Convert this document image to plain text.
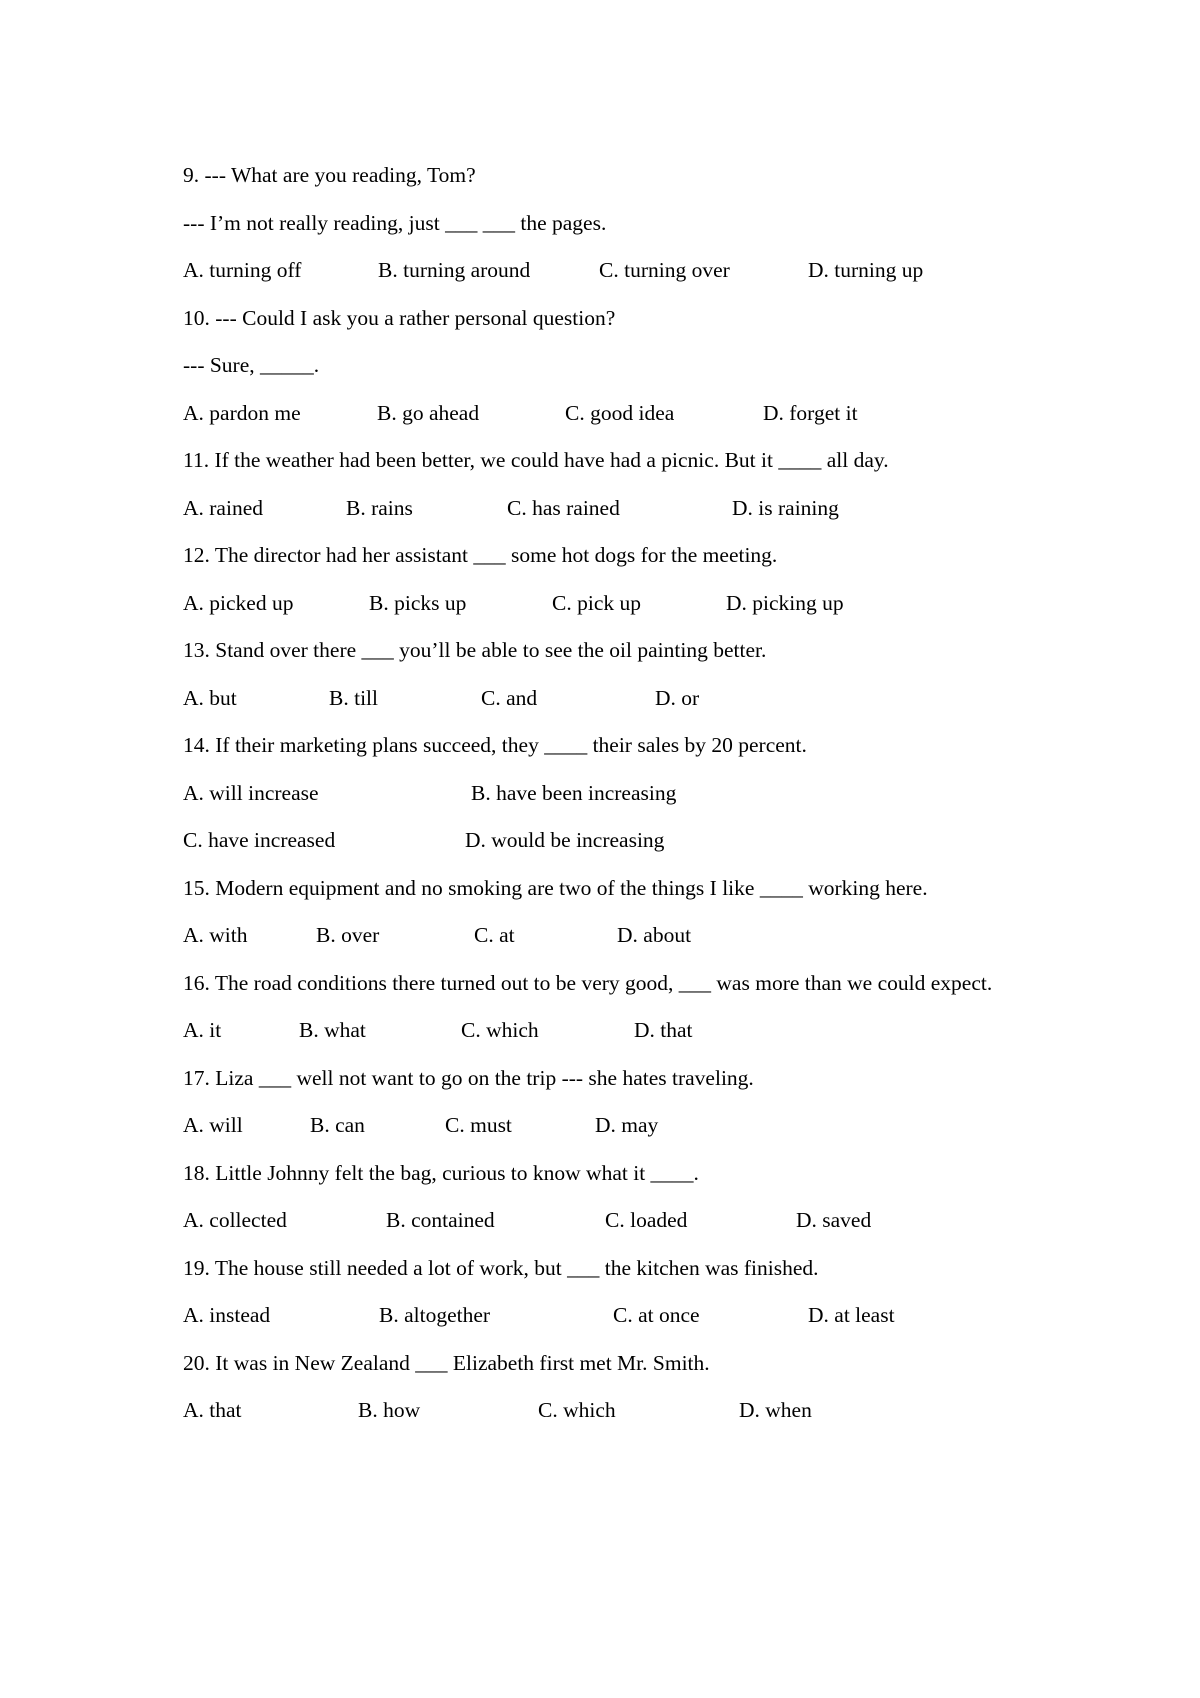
9. --- What are you reading, Tom?
--- I’m not really reading, just ___ ___ the pages.
A. turning off	B. turning around	C. turning over	D. turning up
10. --- Could I ask you a rather personal question?
--- Sure, _____.
A. pardon me	B. go ahead	C. good idea	D. forget it
11. If the weather had been better, we could have had a picnic. But it ____ all day.
A. rained	B. rains	C. has rained	D. is raining
12. The director had her assistant ___ some hot dogs for the meeting.
A. picked up	B. picks up	C. pick up	D. picking up
13. Stand over there ___ you’ll be able to see the oil painting better.
A. but	B. till	C. and	D. or
14. If their marketing plans succeed, they ____ their sales by 20 percent.
A. will increase	B. have been increasing
C. have increased	D. would be increasing
15. Modern equipment and no smoking are two of the things I like ____ working here.
A. with	B. over	C. at	D. about
16. The road conditions there turned out to be very good, ___ was more than we could expect.
A. it	B. what	C. which	D. that
17. Liza ___ well not want to go on the trip --- she hates traveling.
A. will	B. can	C. must	D. may
18. Little Johnny felt the bag, curious to know what it ____.
A. collected	B. contained	C. loaded	D. saved
19. The house still needed a lot of work, but ___ the kitchen was finished.
A. instead	B. altogether	C. at once	D. at least
20. It was in New Zealand ___ Elizabeth first met Mr. Smith.
A. that	B. how	C. which	D. when
